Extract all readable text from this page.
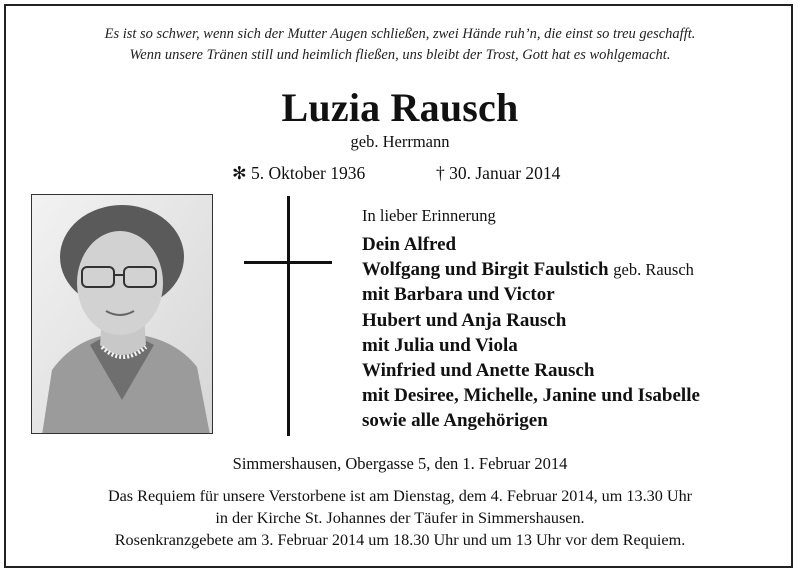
Es ist so schwer, wenn sich der Mutter Augen schließen, zwei Hände ruh’n, die einst so treu geschafft.
Wenn unsere Tränen still und heimlich fließen, uns bleibt der Trost, Gott hat es wohlgemacht.
Luzia Rausch
geb. Herrmann
✻ 5. Oktober 1936	† 30. Januar 2014
In lieber Erinnerung
Dein Alfred
Wolfgang und Birgit Faulstich geb. Rausch
mit Barbara und Victor
Hubert und Anja Rausch
mit Julia und Viola
Winfried und Anette Rausch
mit Desiree, Michelle, Janine und Isabelle
sowie alle Angehörigen
Simmershausen, Obergasse 5, den 1. Februar 2014
Das Requiem für unsere Verstorbene ist am Dienstag, dem 4. Februar 2014, um 13.30 Uhr
in der Kirche St. Johannes der Täufer in Simmershausen.
Rosenkranzgebete am 3. Februar 2014 um 18.30 Uhr und um 13 Uhr vor dem Requiem.
